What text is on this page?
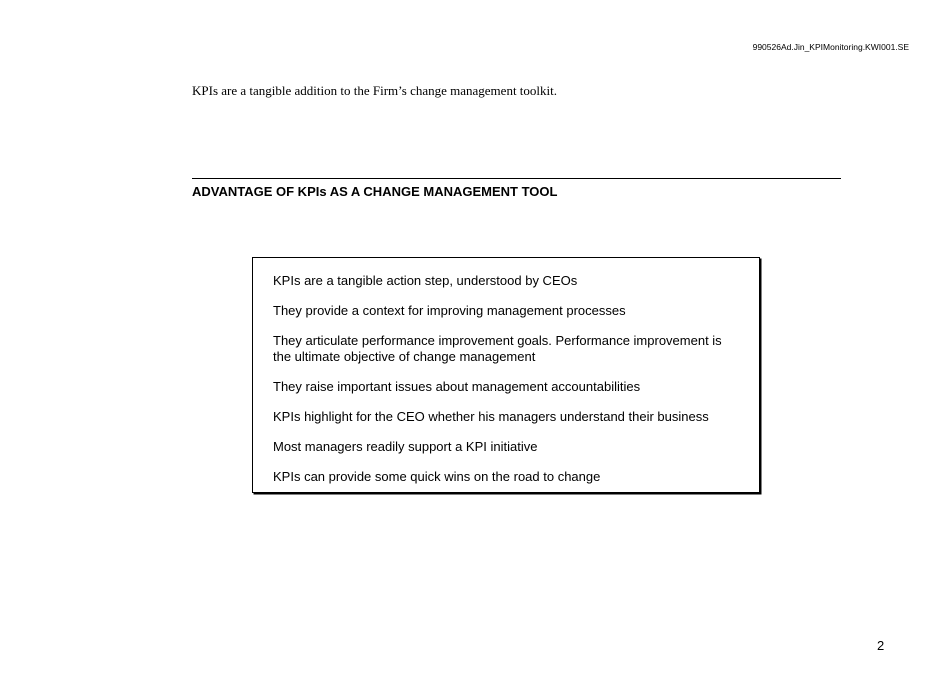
990526Ad.Jin_KPIMonitoring.KWI001.SE
KPIs are a tangible addition to the Firm’s change management toolkit.
ADVANTAGE OF KPIs AS A CHANGE MANAGEMENT TOOL
KPIs are a tangible action step, understood by CEOs
They provide a context for improving management processes
They articulate performance improvement goals. Performance improvement is the ultimate objective of change management
They raise important issues about management accountabilities
KPIs highlight for the CEO whether his managers understand their business
Most managers readily support a KPI initiative
KPIs can provide some quick wins on the road to change
2
